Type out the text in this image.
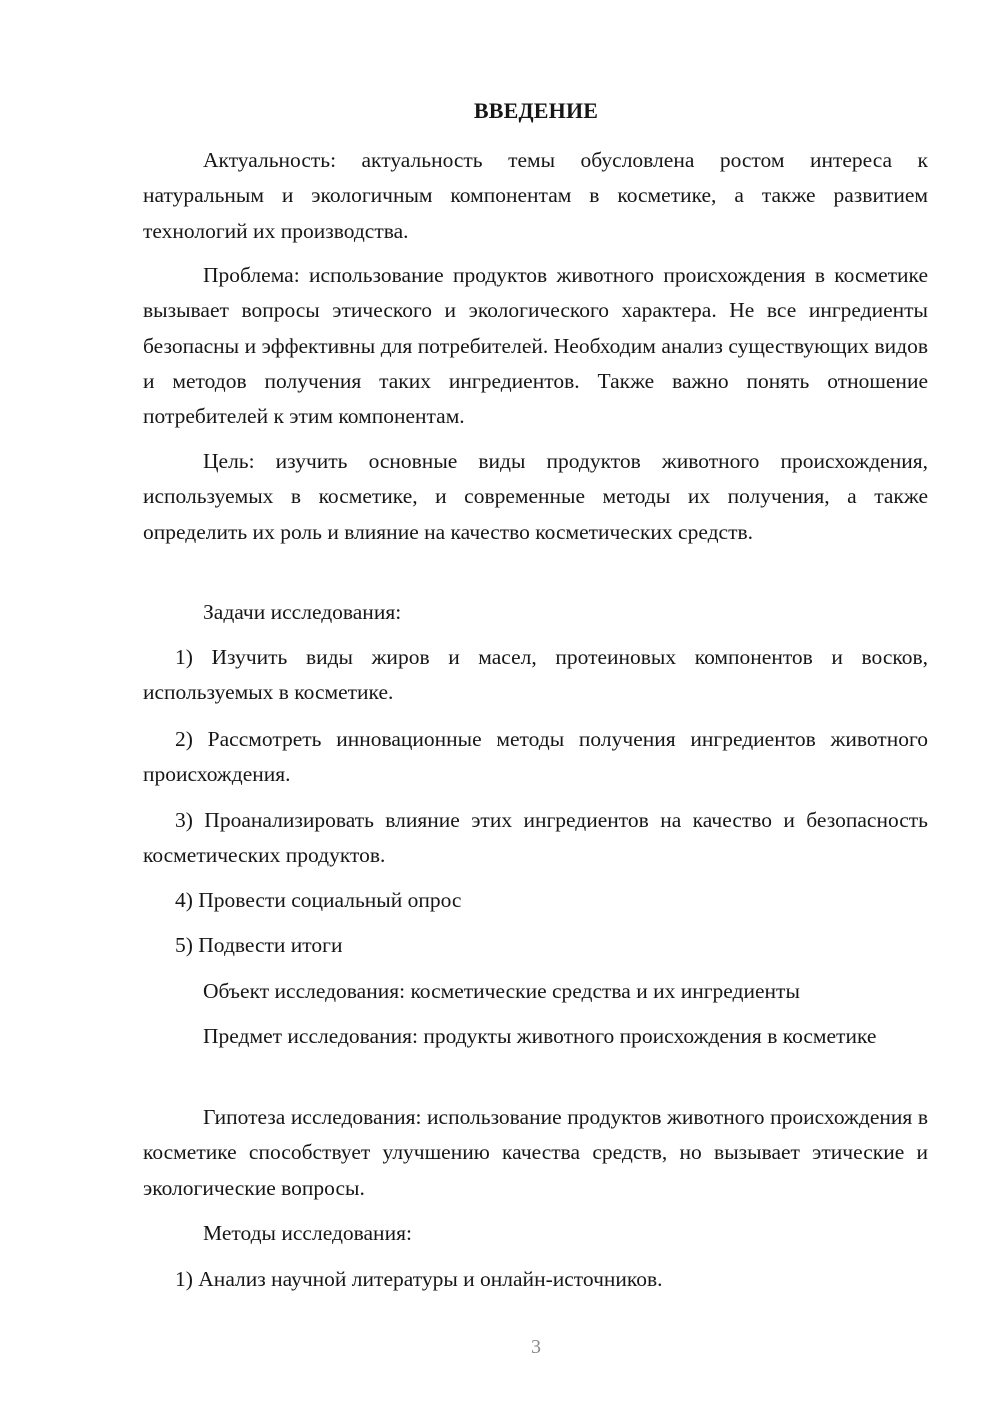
ВВЕДЕНИЕ
Актуальность: актуальность темы обусловлена ростом интереса к натуральным и экологичным компонентам в косметике, а также развитием технологий их производства.
Проблема: использование продуктов животного происхождения в косметике вызывает вопросы этического и экологического характера. Не все ингредиенты безопасны и эффективны для потребителей. Необходим анализ существующих видов и методов получения таких ингредиентов. Также важно понять отношение потребителей к этим компонентам.
Цель: изучить основные виды продуктов животного происхождения, используемых в косметике, и современные методы их получения, а также определить их роль и влияние на качество косметических средств.
Задачи исследования:
1) Изучить виды жиров и масел, протеиновых компонентов и восков, используемых в косметике.
2) Рассмотреть инновационные методы получения ингредиентов животного происхождения.
3) Проанализировать влияние этих ингредиентов на качество и безопасность косметических продуктов.
4) Провести социальный опрос
5) Подвести итоги
Объект исследования: косметические средства и их ингредиенты
Предмет исследования: продукты животного происхождения в косметике
Гипотеза исследования: использование продуктов животного происхождения в косметике способствует улучшению качества средств, но вызывает этические и экологические вопросы.
Методы исследования:
1) Анализ научной литературы и онлайн-источников.
3
